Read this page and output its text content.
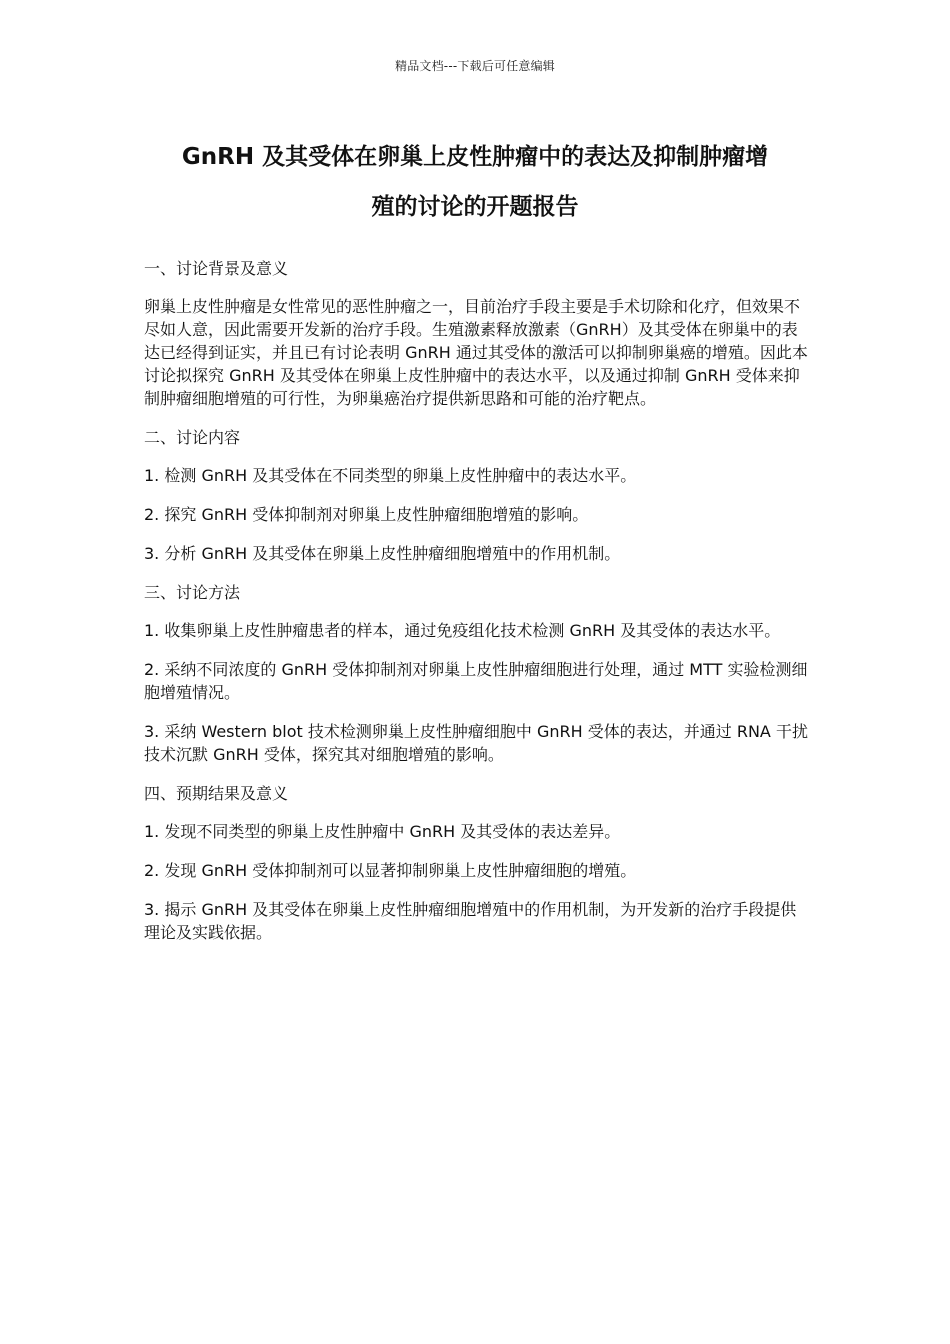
精品文档---下载后可任意编辑
GnRH 及其受体在卵巢上皮性肿瘤中的表达及抑制肿瘤增
殖的讨论的开题报告

一、讨论背景及意义

卵巢上皮性肿瘤是女性常见的恶性肿瘤之一，目前治疗手段主要是手术切除和化疗，但效果不尽如人意，因此需要开发新的治疗手段。生殖激素释放激素（GnRH）及其受体在卵巢中的表达已经得到证实，并且已有讨论表明 GnRH 通过其受体的激活可以抑制卵巢癌的增殖。因此本讨论拟探究 GnRH 及其受体在卵巢上皮性肿瘤中的表达水平，以及通过抑制 GnRH 受体来抑制肿瘤细胞增殖的可行性，为卵巢癌治疗提供新思路和可能的治疗靶点。

二、讨论内容

1. 检测 GnRH 及其受体在不同类型的卵巢上皮性肿瘤中的表达水平。

2. 探究 GnRH 受体抑制剂对卵巢上皮性肿瘤细胞增殖的影响。

3. 分析 GnRH 及其受体在卵巢上皮性肿瘤细胞增殖中的作用机制。

三、讨论方法

1. 收集卵巢上皮性肿瘤患者的样本，通过免疫组化技术检测 GnRH 及其受体的表达水平。

2. 采纳不同浓度的 GnRH 受体抑制剂对卵巢上皮性肿瘤细胞进行处理，通过 MTT 实验检测细胞增殖情况。

3. 采纳 Western blot 技术检测卵巢上皮性肿瘤细胞中 GnRH 受体的表达，并通过 RNA 干扰技术沉默 GnRH 受体，探究其对细胞增殖的影响。

四、预期结果及意义

1. 发现不同类型的卵巢上皮性肿瘤中 GnRH 及其受体的表达差异。

2. 发现 GnRH 受体抑制剂可以显著抑制卵巢上皮性肿瘤细胞的增殖。

3. 揭示 GnRH 及其受体在卵巢上皮性肿瘤细胞增殖中的作用机制，为开发新的治疗手段提供理论及实践依据。
